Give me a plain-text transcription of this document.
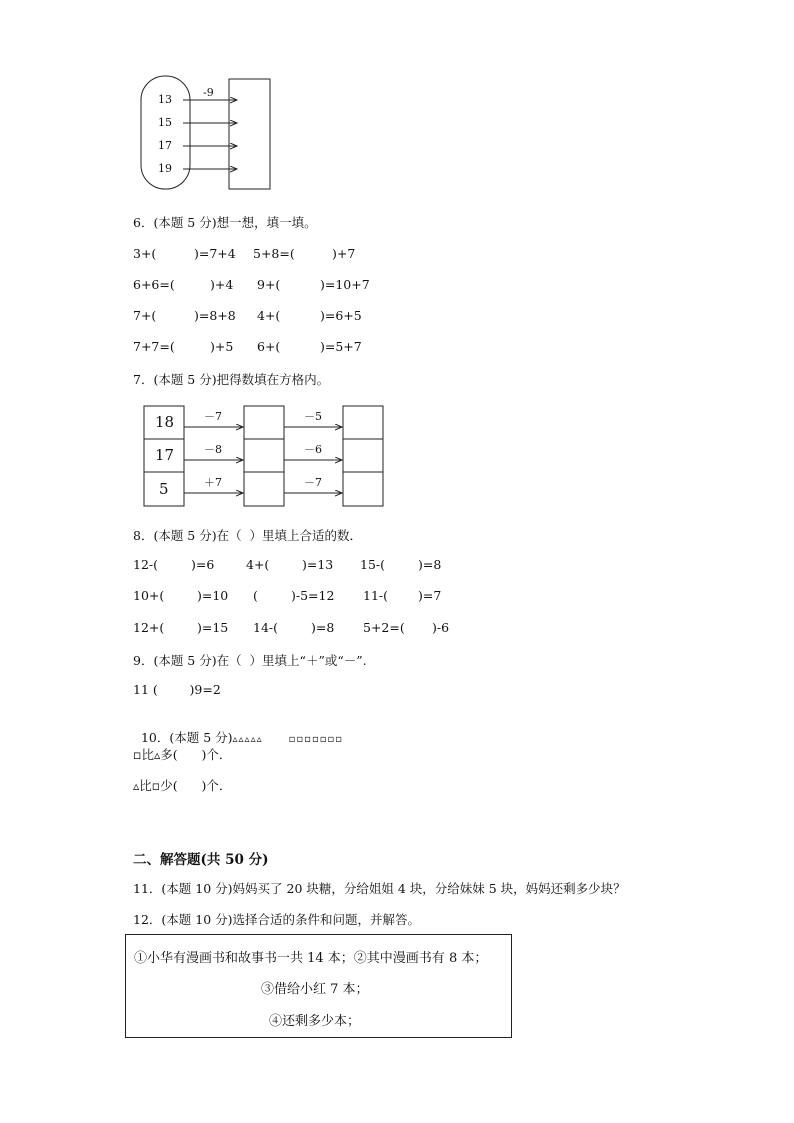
-9
13
15
17
19
6．(本题 5 分)想一想，填一填。
3+(	)=7+4 5+8=(	)+7
6+6=(	)+4 9+(	)=10+7
7+(	)=8+8 4+(	)=6+5
7+7=(	)+5 6+(	)=5+7
7．(本题 5 分)把得数填在方格内。
18
17
5
－7
－8
＋7
－5
－6
－7
8．(本题 5 分)在（  ）里填上合适的数．
12-(	)=6	4+(	)=13 15-(	)=8
10+(	)=10 (	)-5=12 11-( )=7
12+(	)=15 14-(	)=8 5+2=( )-6
9．(本题 5 分)在（  ）里填上“＋”或“－”.
11 (        )9=2

10．(本题 5 分)▵▵▵▵▵	▫▫▫▫▫▫▫

▫比▵多(      )个．
▵比▫少(      )个．
二、解答题(共 50 分)
11．(本题 10 分)妈妈买了 20 块糖，分给姐姐 4 块，分给妹妹 5 块，妈妈还剩多少块？
12．(本题 10 分)选择合适的条件和问题，并解答。
①小华有漫画书和故事书一共 14 本；②其中漫画书有 8 本；
③借给小红 7 本；
④还剩多少本；
